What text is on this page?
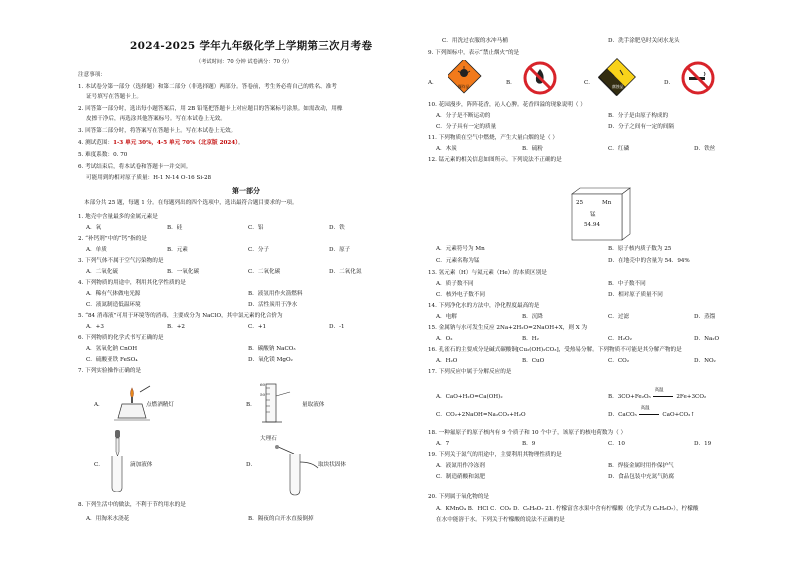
2024-2025 学年九年级化学上学期第三次月考卷
（考试时间：70 分钟 试卷满分：70 分）
注意事项：
1. 本试卷分第一部分（选择题）和第二部分（非选择题）两部分。答卷前，考生务必将自己的姓名、准考
证号填写在答题卡上。
2. 回答第一部分时，选出每小题答案后，用 2B 铅笔把答题卡上对应题目的答案标号涂黑。如需改动，用橡
皮擦干净后，再选涂其他答案标号。写在本试卷上无效。
3. 回答第二部分时，将答案写在答题卡上。写在本试卷上无效。
4. 测试范围：1-3 单元 30%，4-5 单元 70%（北京版 2024）。
5. 难度系数：0. 70
6. 考试结束后，将本试卷和答题卡一并交回。
可能用到的相对原子质量：H-1 N-14 O-16 Si-28
第一部分
本部分共 25 题，每题 1 分。在每题列出的四个选项中，选出最符合题目要求的一项。
1. 地壳中含量最多的金属元素是
A．氧	B．硅	C．铝	D．铁
2. “补钙剂”中的“钙”指的是
A．单质	B．元素	C．分子	D．原子
3. 下列气体不属于空气污染物的是
A．二氧化硫	B．一氧化碳	C．二氧化碳	D．二氧化氮
4. 下列物质的用途中，利用其化学性质的是
A．稀有气体做电光源	B．液氢用作火箭燃料
C．液氮制造低温环境	D．活性炭用于净水
5. “84 消毒液”可用于环境等的消毒，主要成分为 NaClO，其中氯元素的化合价为
A．+3	B．+2	C．+1	D．-1
6. 下列物质的化学式书写正确的是
A．氢氧化钠 CnOH	B．碳酸钠 NaCO₃
C．硫酸亚铁 FeSO₄	D．氧化镁 MgO₂
7. 下列实验操作正确的是
A．	点燃酒精灯	B．
60
50
量取液体
C．	滴加液体	D．
大理石
取块状固体
8. 下列生活中的做法，不利于节约用水的是
A．用淘米水浇花	B．隔夜的白开水直接倒掉
C．用洗过衣服的水冲马桶	D．洗手涂肥皂时关闭水龙头
9. 下列图标中，表示“禁止烟火”的是
A．
爆炸品
B．	C．
腐蚀品
D．
10. 花园漫步，阵阵花香，沁人心脾。花香四溢的现象说明（ ）
A．分子是不断运动的	B．分子是由原子构成的
C．分子具有一定的质量	D．分子之间有一定的间隔
11. 下列物质在空气中燃烧，产生大量白烟的是（ ）
A．木炭	B．硫粉	C．红磷	D．铁丝
12. 锰元素的相关信息如图所示。下列说法不正确的是
25	Mn
锰
54.94
A．元素符号为 Mn	B．原子核内质子数为 25
C．元素名称为锰	D．在地壳中的含量为 54．94%
13. 氢元素（H）与氦元素（He）的本质区别是
A．质子数不同	B．中子数不同
C．核外电子数不同	D．相对原子质量不同
14. 下列净化水的方法中，净化程度最高的是
A．电解	B．沉降	C．过滤	D．蒸馏
15. 金属钠与水可发生反应 2Na+2H₂O=2NaOH+X，则 X 为
A．O₂	B．H₂	C．H₂O₂	D．Na₂O
16. 孔雀石的主要成分是碱式碳酸铜[Cu₂(OH)₂CO₃]，受热易分解。下列物质不可能是其分解产物的是
A．H₂O	B．CuO	C．CO₂	D．NO₂
17. 下列反应中属于分解反应的是
A．CaO+H₂O=Ca(OH)₂	B．3CO+Fe₂O₃
高温
2Fe+3CO₂
C．CO₂+2NaOH=Na₂CO₃+H₂O	D．CaCO₃
高温
CaO+CO₂↑
18. 一种氟原子的原子核内有 9 个质子和 10 个中子，该原子的核电荷数为（ ）
A．7	B．9	C．10	D．19
19. 下列关于氮气的用途中，主要利用其物理性质的是
A．液氮用作冷冻剂	B．焊接金属时用作保护气
C．制造硝酸和氮肥	D．食品包装中充氮气防腐
20. 下列属于氧化物的是
A．KMnO₄ B．HCl C．CO₂ D．C₆H₈O₇ 21. 柠檬富含水果中含有柠檬酸（化学式为 C₆H₈O₇），柠檬酸
在水中能溶于水。下列关于柠檬酸的说法不正确的是
